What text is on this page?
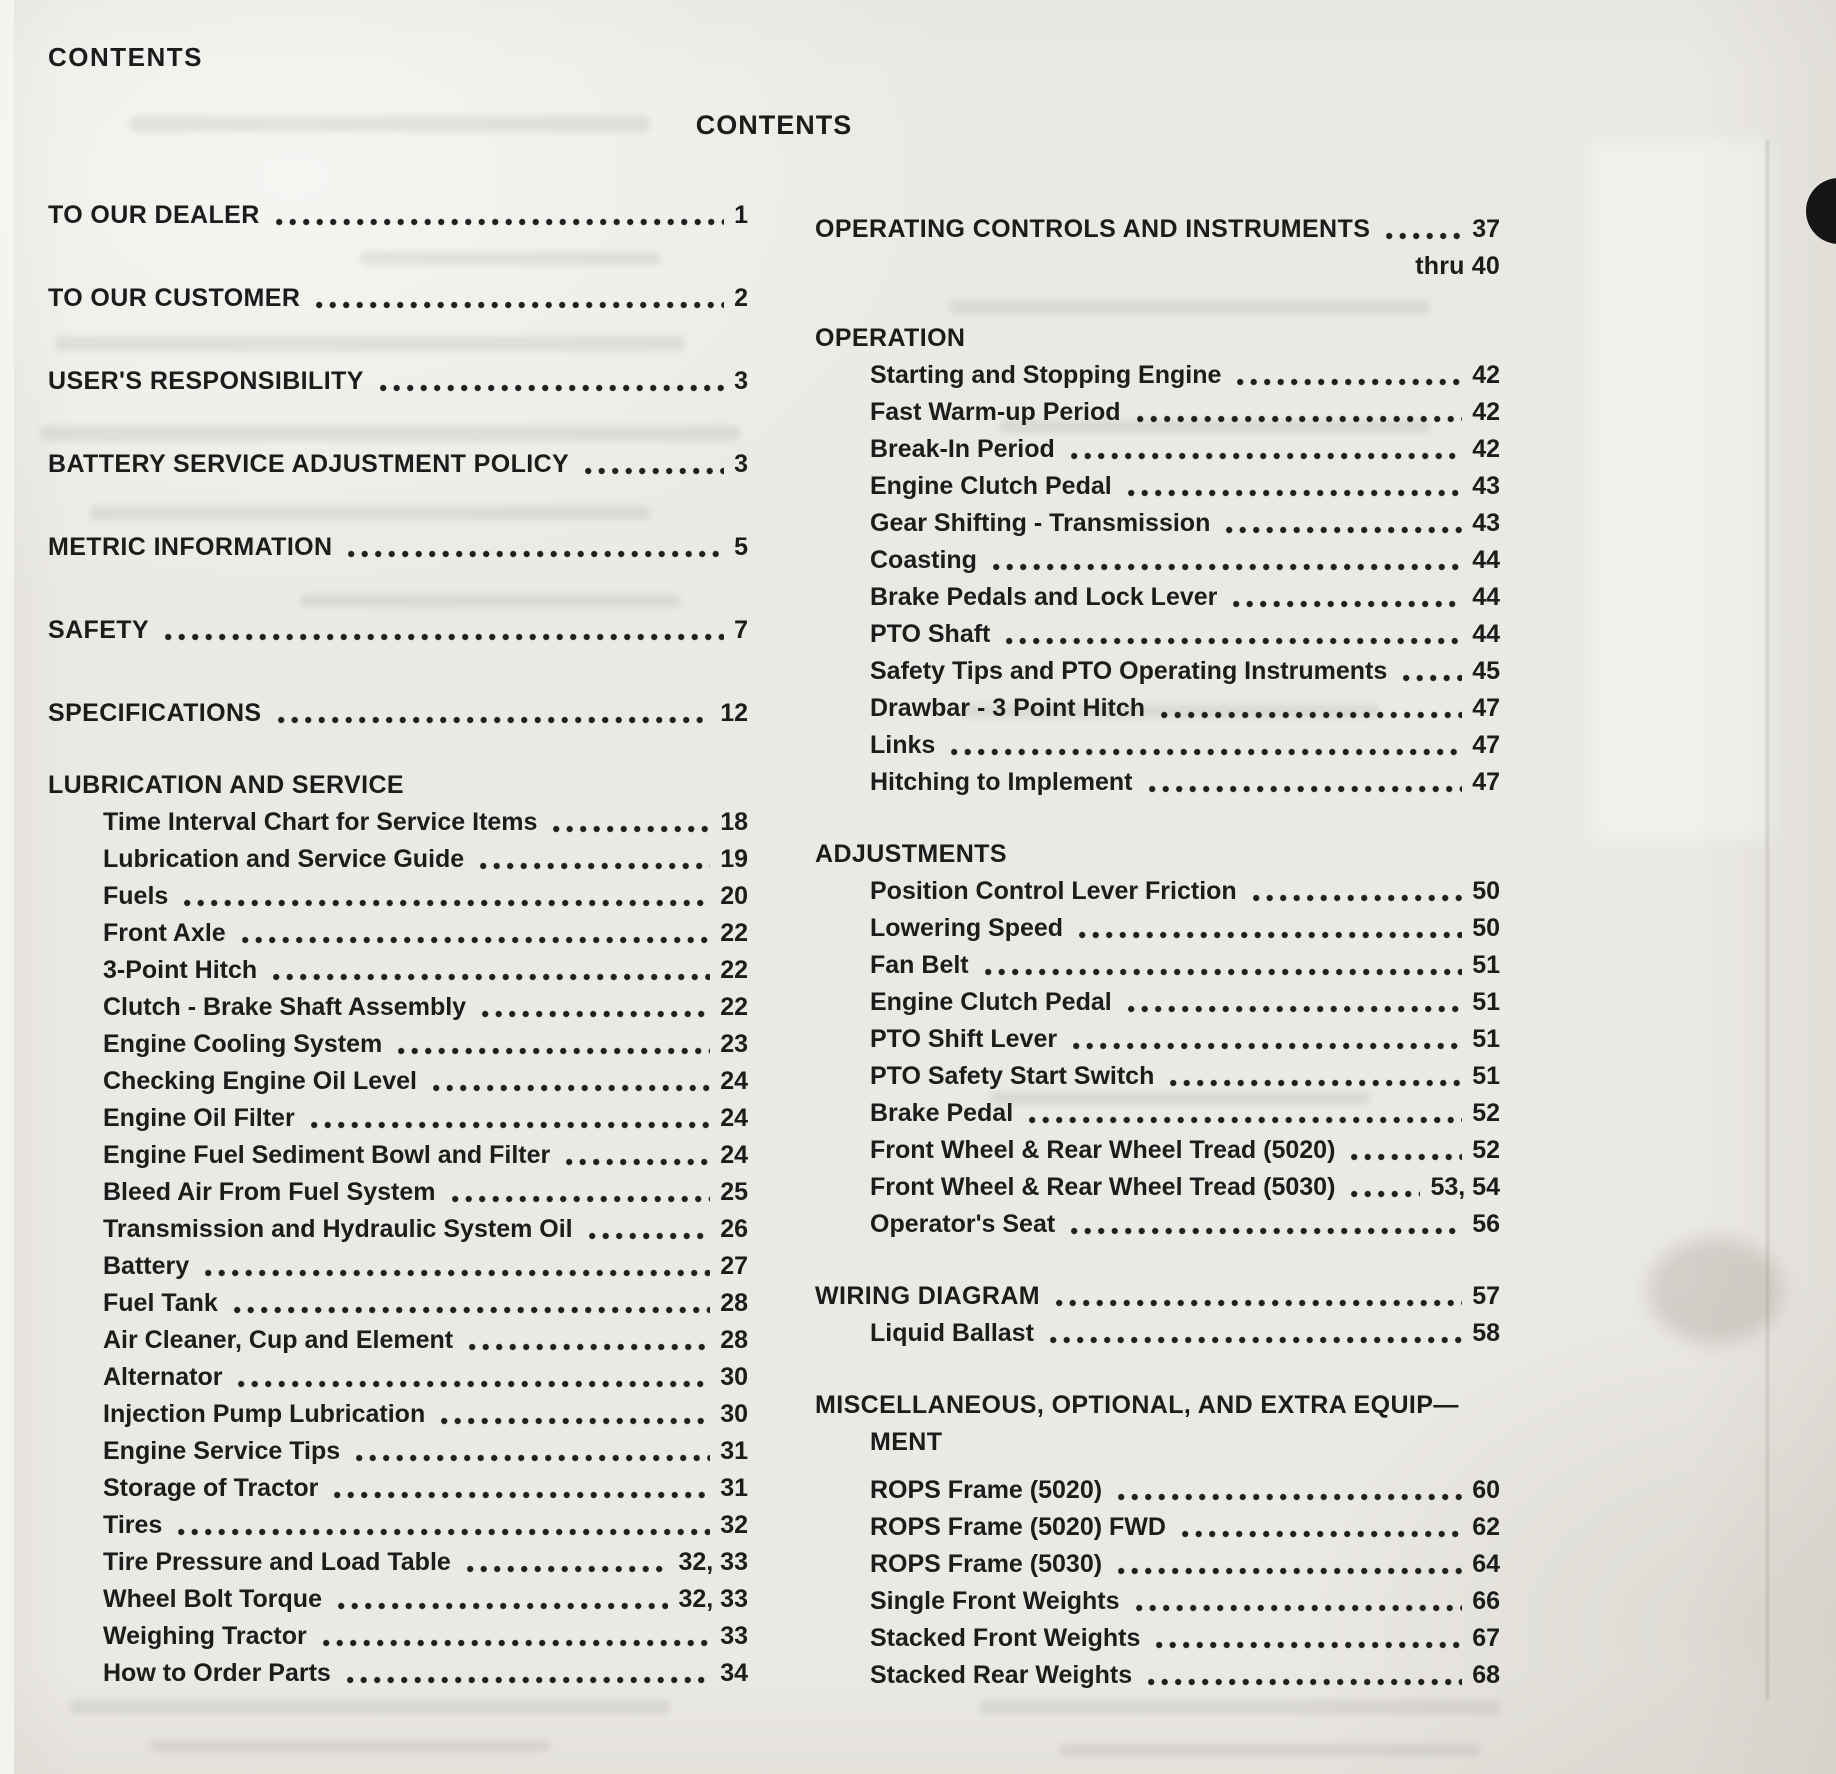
CONTENTS
CONTENTS
TO OUR DEALER	1
TO OUR CUSTOMER	2
USER'S RESPONSIBILITY	3
BATTERY SERVICE ADJUSTMENT POLICY	3
METRIC INFORMATION	5
SAFETY	7
SPECIFICATIONS	12
LUBRICATION AND SERVICE
Time Interval Chart for Service Items	18
Lubrication and Service Guide	19
Fuels	20
Front Axle	22
3-Point Hitch	22
Clutch - Brake Shaft Assembly	22
Engine Cooling System	23
Checking Engine Oil Level	24
Engine Oil Filter	24
Engine Fuel Sediment Bowl and Filter	24
Bleed Air From Fuel System	25
Transmission and Hydraulic System Oil	26
Battery	27
Fuel Tank	28
Air Cleaner, Cup and Element	28
Alternator	30
Injection Pump Lubrication	30
Engine Service Tips	31
Storage of Tractor	31
Tires	32
Tire Pressure and Load Table	32, 33
Wheel Bolt Torque	32, 33
Weighing Tractor	33
How to Order Parts	34
OPERATING CONTROLS AND INSTRUMENTS	37
thru 40
OPERATION
Starting and Stopping Engine	42
Fast Warm-up Period	42
Break-In Period	42
Engine Clutch Pedal	43
Gear Shifting - Transmission	43
Coasting	44
Brake Pedals and Lock Lever	44
PTO Shaft	44
Safety Tips and PTO Operating Instruments	45
Drawbar - 3 Point Hitch	47
Links	47
Hitching to Implement	47
ADJUSTMENTS
Position Control Lever Friction	50
Lowering Speed	50
Fan Belt	51
Engine Clutch Pedal	51
PTO Shift Lever	51
PTO Safety Start Switch	51
Brake Pedal	52
Front Wheel & Rear Wheel Tread (5020)	52
Front Wheel & Rear Wheel Tread (5030)	53, 54
Operator's Seat	56
WIRING DIAGRAM	57
Liquid Ballast	58
MISCELLANEOUS, OPTIONAL, AND EXTRA EQUIP—
MENT
ROPS Frame (5020)	60
ROPS Frame (5020) FWD	62
ROPS Frame (5030)	64
Single Front Weights	66
Stacked Front Weights	67
Stacked Rear Weights	68
